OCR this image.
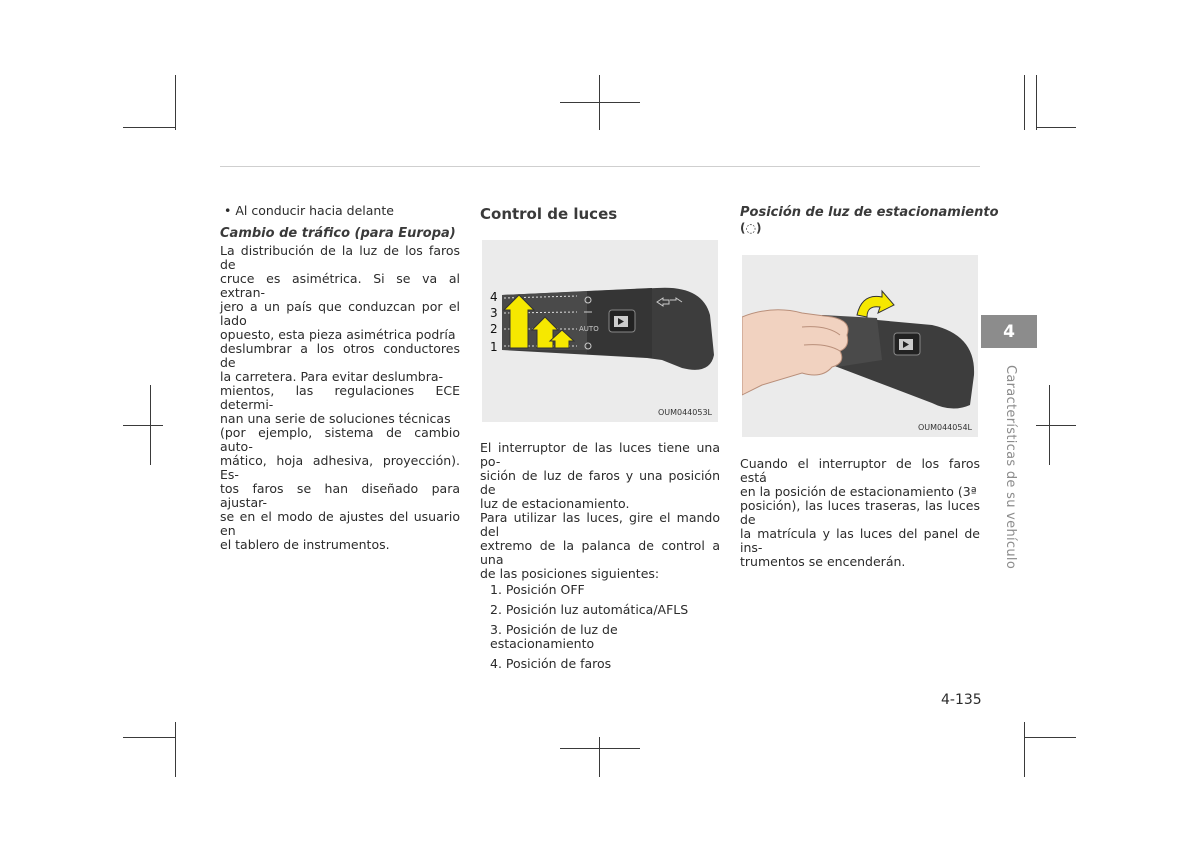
• Al conducir hacia delante
Cambio de tráfico (para Europa)
La distribución de la luz de los faros de
cruce es asimétrica. Si se va al extran-
jero a un país que conduzcan por el lado
opuesto, esta pieza asimétrica podría
deslumbrar a los otros conductores de
la carretera. Para evitar deslumbra-
mientos, las regulaciones ECE determi-
nan una serie de soluciones técnicas
(por ejemplo, sistema de cambio auto-
mático, hoja adhesiva, proyección). Es-
tos faros se han diseñado para ajustar-
se en el modo de ajustes del usuario en
el tablero de instrumentos.
Control de luces
AUTO
4
3
2
1
OUM044053L
El interruptor de las luces tiene una po-
sición de luz de faros y una posición de
luz de estacionamiento.
Para utilizar las luces, gire el mando del
extremo de la palanca de control a una
de las posiciones siguientes:
1. Posición OFF
2. Posición luz automática/AFLS
3. Posición de luz de estacionamiento
4. Posición de faros
Posición de luz de estacionamiento
(◌)
OUM044054L
Cuando el interruptor de los faros está
en la posición de estacionamiento (3ª
posición), las luces traseras, las luces de
la matrícula y las luces del panel de ins-
trumentos se encenderán.
4
Características de su vehículo
4-135
